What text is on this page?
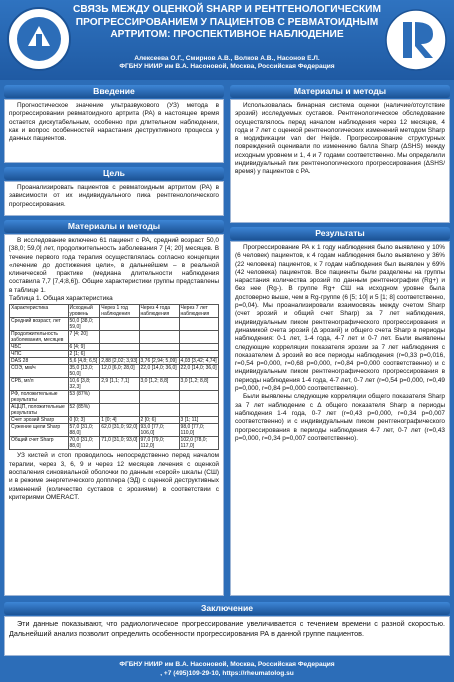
СВЯЗЬ МЕЖДУ ОЦЕНКОЙ SHARP И РЕНТГЕНОЛОГИЧЕСКИМ ПРОГРЕССИРОВАНИЕМ У ПАЦИЕНТОВ С РЕВМАТОИДНЫМ АРТРИТОМ: ПРОСПЕКТИВНОЕ НАБЛЮДЕНИЕ
Алексеева О.Г., Смирнов А.В., Волков А.В., Насонов Е.Л.
ФГБНУ НИИР им В.А. Насоновой, Москва, Российская Федерация
Введение

Прогностическое значение ультразвукового (УЗ) метода в прогрессировании ревматоидного артрита (РА) в настоящее время остается дискутабельным, особенно при длительном наблюдении, как и вопрос особенностей нарастания деструктивного процесса у данных пациентов.

Цель

Проанализировать пациентов с ревматоидным артритом (РА) в зависимости от их индивидуального пика рентгенологического прогрессирования.

Материалы и методы

В исследование включено 61 пациент с РА, средний возраст 50,0 [38,0; 59,0] лет, продолжительность заболевания 7 [4; 20] месяцев. В течение первого года терапия осуществлялась согласно концепции «лечение до достижения цели», в дальнейшем – в реальной клинической практике (медиана длительности наблюдения составила 7,7 [7,4;8,6]). Общие характеристики группы представлены в таблице 1.

Таблица 1. Общая характеристика

Характеристика	Исходный уровень	Через 1 год наблюдения	Через 4 года наблюдения	Через 7 лет наблюдения
Средний возраст, лет	50,0 [38,0; 59,0]			
Продолжительность заболевания, месяцев	7 [4; 20]			
ЧБС	6 [4; 9]			
ЧПС	2 [1; 6]			
DAS 28	5,6 [4,8; 6,5]	2,88 [2,02; 3,93]	3,76 [2,94; 5,09]	4,03 [3,42; 4,74]
СОЭ, мм/ч	35,0 [13,0; 50,0]	12,0 [6,0; 28,0]	22,0 [14,0; 36,0]	22,0 [14,0; 36,0]
СРБ, мг/л	10,6 [3,8; 32,3]	2,9 [1,1; 7,1]	3,0 [1,2; 8,8]	3,0 [1,2; 8,8]
РФ, положительные результаты	53 (87%)			
АЦЦП, положительные результаты	52 (85%)			
Счет эрозий Sharp	0 [0; 3]	1 [0; 4]	2 [0; 6]	3 [1; 11]
Сужение щели Sharp	57,0 [31,0; 88,0]	62,0 [31,0; 92,0]	93,0 [77,0; 106,0]	98,0 [77,0; 110,0]
Общий счет Sharp	70,0 [31,0; 88,0]	71,0 [31,0; 93,0]	97,0 [79,0; 112,0]	102,0 [78,0; 117,0]

УЗ кистей и стоп проводилось непосредственно перед началом терапии, через 3, 6, 9 и через 12 месяцев лечения с оценкой воспаления синовиальной оболочки по данным «серой» шкалы (СШ) и в режиме энергетического допплера (ЭД) с оценкой деструктивных изменений (количество суставов с эрозиями) в соответствии с критериями OMERACT.

Материалы и методы

Использовалась бинарная система оценки (наличие/отсутствие эрозий) исследуемых суставов. Рентгенологическое обследование осуществлялось перед началом наблюдения через 12 месяцев, 4 года и 7 лет с оценкой рентгенологических изменений методом Sharp в модификации van der Heijde. Прогрессирование структурных повреждений оценивали по изменению балла Sharp (ΔSHS) между исходным уровнем и 1, 4 и 7 годами соответственно. Мы определили индивидуальный пик рентгенологического прогрессирования (ΔSHS/время) у пациентов с РА.

Результаты

Прогрессирование РА к 1 году наблюдения было выявлено у 10% (6 человек) пациентов, к 4 годам наблюдения было выявлено у 36% (22 человека) пациентов, к 7 годам наблюдения был выявлен у 69% (42 человека) пациентов. Все пациенты были разделены на группы нарастания количества эрозий по данным рентгенографии (Rg+) и без нее (Rg-). В группе Rg+ СШ на исходном уровне была достоверно выше, чем в Rg-группе (6 [5; 10] и 5 [1; 8] соответственно, p=0,04). Мы проанализировали взаимосвязь между счетом Sharp (счет эрозий и общий счет Sharp) за 7 лет наблюдения, индивидуальным пиком рентгенографического прогрессирования и динамикой счета эрозий (Δ эрозий) и общего счета Sharp в периоды наблюдения: 0-1 лет, 1-4 года, 4-7 лет и 0-7 лет. Были выявлены следующие корреляции показателя эрозии за 7 лет наблюдения с показателем Δ эрозий во все периоды наблюдения (r=0,33 p=0,016, r=0,54 p=0,000, r=0,68 p=0,000, r=0,84 p=0,000 соответственно) и с индивидуальным пиком рентгенографического прогрессирования в периоды наблюдения 1-4 года, 4-7 лет, 0-7 лет (r=0,54 p=0,000, r=0,49 p=0,000, r=0,84 p=0,000 соответственно).

Были выявлены следующие корреляции общего показателя Sharp за 7 лет наблюдение с Δ общего показателя Sharp в периоды наблюдения 1-4 года, 0-7 лет (r=0,43 p=0,000, r=0,34 p=0,007 соответственно) и с индивидуальным пиком рентгенографического прогрессирования в периоды наблюдения 4-7 лет, 0-7 лет (r=0,43 p=0,000, r=0,34 p=0,007 соответственно).

Заключение

Эти данные показывают, что радиологическое прогрессирование увеличивается с течением времени с разной скоростью. Дальнейший анализ позволит определить особенности прогрессирования РА в данной группе пациентов.

ФГБНУ НИИР им В.А. Насоновой, Москва, Российская Федерация
, +7 (495)109-29-10, https://rheumatolog.su
